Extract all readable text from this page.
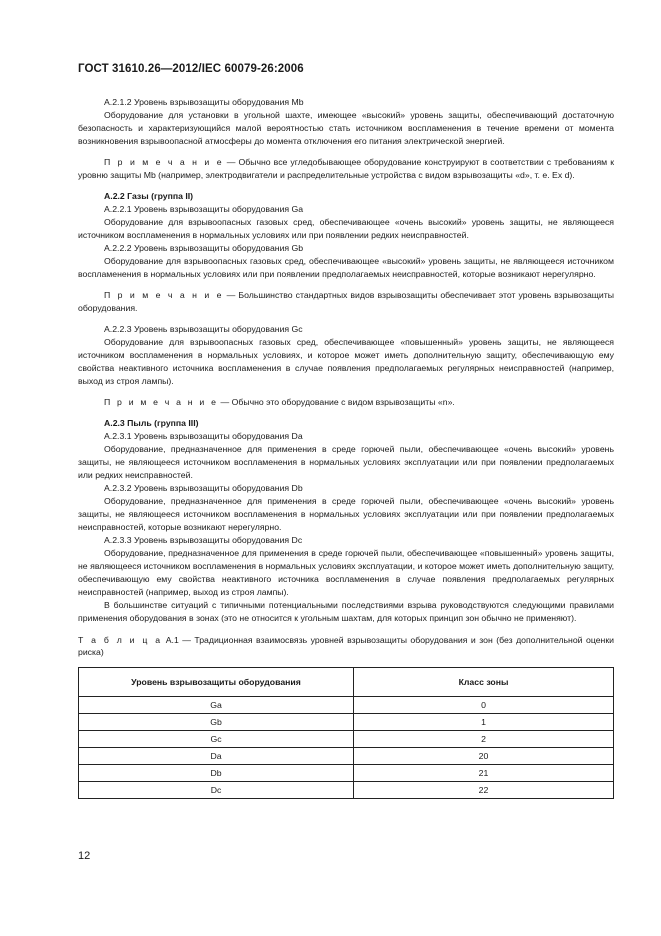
ГОСТ 31610.26—2012/IEC 60079-26:2006

A.2.1.2 Уровень взрывозащиты оборудования Mb

Оборудование для установки в угольной шахте, имеющее «высокий» уровень защиты, обеспечивающий достаточную безопасность и характеризующийся малой вероятностью стать источником воспламенения в течение времени от момента возникновения взрывоопасной атмосферы до момента отключения его питания электрической энергией.

П р и м е ч а н и е — Обычно все угледобывающее оборудование конструируют в соответствии с требованиям к уровню защиты Mb (например, электродвигатели и распределительные устройства с видом взрывозащиты «d», т. е. Ex d).

А.2.2 Газы (группа II)

A.2.2.1 Уровень взрывозащиты оборудования Ga

Оборудование для взрывоопасных газовых сред, обеспечивающее «очень высокий» уровень защиты, не являющееся источником воспламенения в нормальных условиях или при появлении редких неисправностей.

A.2.2.2 Уровень взрывозащиты оборудования Gb

Оборудование для взрывоопасных газовых сред, обеспечивающее «высокий» уровень защиты, не являющееся источником воспламенения в нормальных условиях или при появлении предполагаемых неисправностей, которые возникают нерегулярно.

П р и м е ч а н и е — Большинство стандартных видов взрывозащиты обеспечивает этот уровень взрывозащиты оборудования.

A.2.2.3 Уровень взрывозащиты оборудования Gc

Оборудование для взрывоопасных газовых сред, обеспечивающее «повышенный» уровень защиты, не являющееся источником воспламенения в нормальных условиях, и которое может иметь дополнительную защиту, обеспечивающую ему свойства неактивного источника воспламенения в случае появления предполагаемых регулярных неисправностей (например, выход из строя лампы).

П р и м е ч а н и е — Обычно это оборудование с видом взрывозащиты «n».

А.2.3 Пыль (группа III)

A.2.3.1 Уровень взрывозащиты оборудования Da

Оборудование, предназначенное для применения в среде горючей пыли, обеспечивающее «очень высокий» уровень защиты, не являющееся источником воспламенения в нормальных условиях эксплуатации или при появлении предполагаемых или редких неисправностей.

A.2.3.2 Уровень взрывозащиты оборудования Db

Оборудование, предназначенное для применения в среде горючей пыли, обеспечивающее «очень высокий» уровень защиты, не являющееся источником воспламенения в нормальных условиях эксплуатации или при появлении предполагаемых неисправностей, которые возникают нерегулярно.

A.2.3.3 Уровень взрывозащиты оборудования Dc

Оборудование, предназначенное для применения в среде горючей пыли, обеспечивающее «повышенный» уровень защиты, не являющееся источником воспламенения в нормальных условиях эксплуатации, и которое может иметь дополнительную защиту, обеспечивающую ему свойства неактивного источника воспламенения в случае появления предполагаемых регулярных неисправностей (например, выход из строя лампы).

В большинстве ситуаций с типичными потенциальными последствиями взрыва руководствуются следующими правилами применения оборудования в зонах (это не относится к угольным шахтам, для которых принцип зон обычно не применяют).

Т а б л и ц а А.1 — Традиционная взаимосвязь уровней взрывозащиты оборудования и зон (без дополнительной оценки риска)

Уровень взрывозащиты оборудования	Класс зоны
Ga	0
Gb	1
Gc	2
Da	20
Db	21
Dc	22
12
